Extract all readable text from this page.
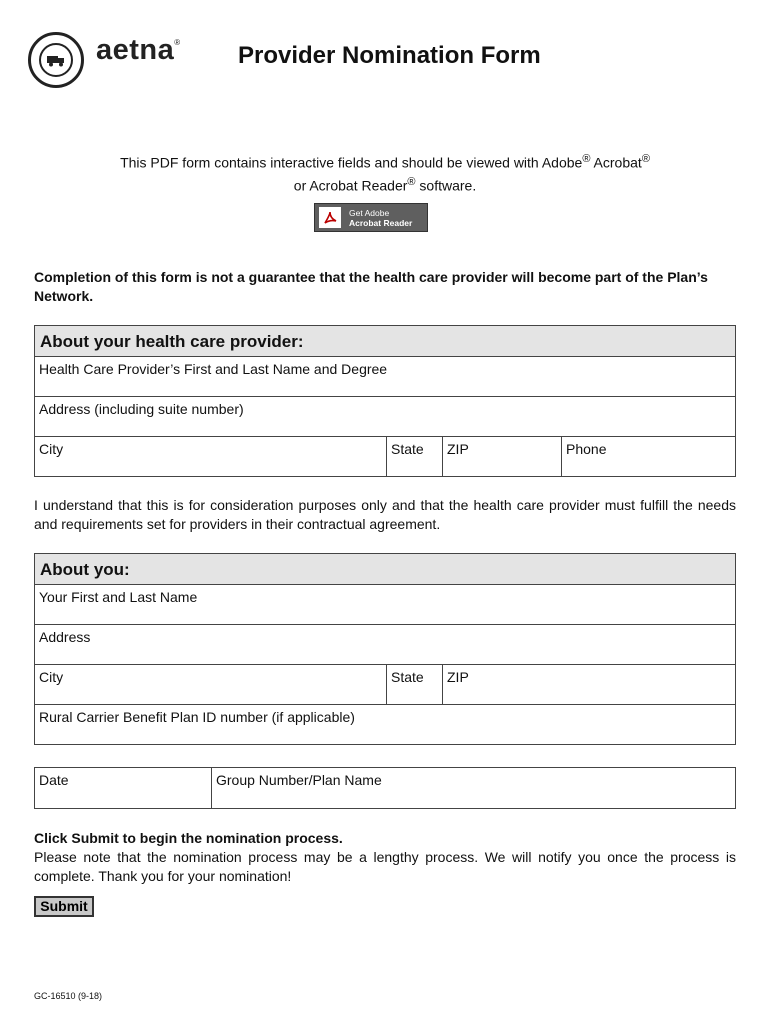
aetna® Provider Nomination Form
This PDF form contains interactive fields and should be viewed with Adobe® Acrobat®
or Acrobat Reader® software.
Get Adobe
Acrobat Reader
Completion of this form is not a guarantee that the health care provider will become part of the Plan’s Network.
About your health care provider:
Health Care Provider’s First and Last Name and Degree
Address (including suite number)
City	State	ZIP	Phone
I understand that this is for consideration purposes only and that the health care provider must fulfill the needs and requirements set for providers in their contractual agreement.
About you:
Your First and Last Name
Address
City	State	ZIP
Rural Carrier Benefit Plan ID number (if applicable)
Date	Group Number/Plan Name
Click Submit to begin the nomination process.
Please note that the nomination process may be a lengthy process. We will notify you once the process is complete. Thank you for your nomination!
Submit
GC-16510 (9-18)
